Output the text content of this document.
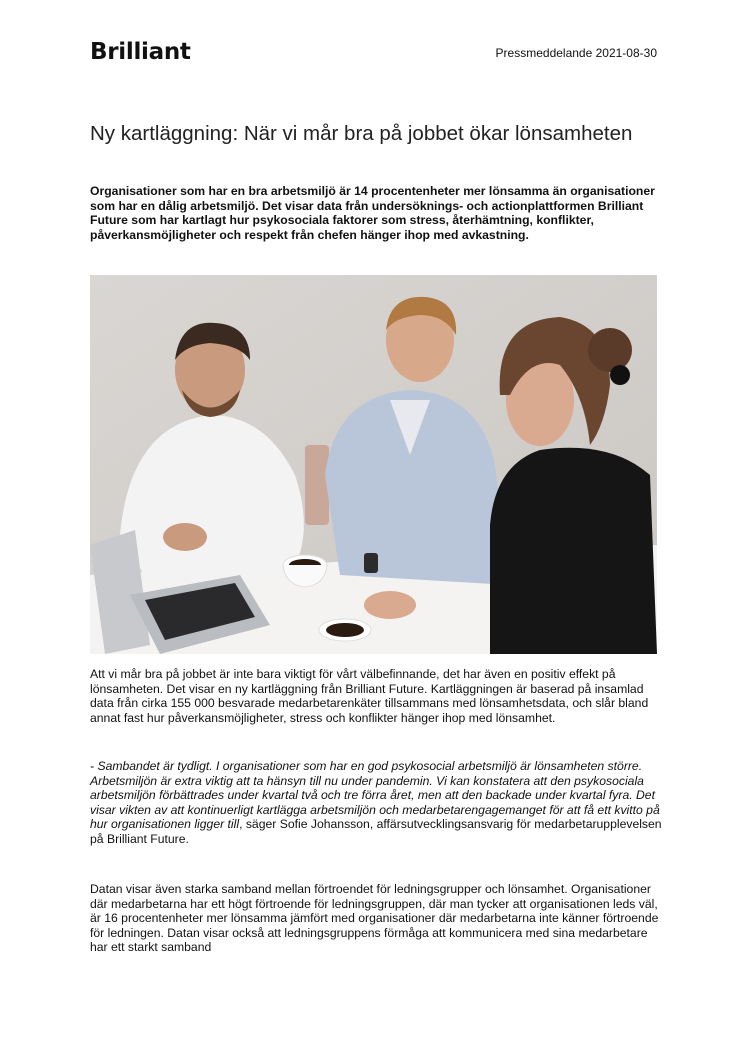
Brilliant	Pressmeddelande 2021-08-30
Ny kartläggning: När vi mår bra på jobbet ökar lönsamheten

Organisationer som har en bra arbetsmiljö är 14 procentenheter mer lönsamma än organisationer som har en dålig arbetsmiljö. Det visar data från undersöknings- och actionplattformen Brilliant Future som har kartlagt hur psykosociala faktorer som stress, återhämtning, konflikter, påverkansmöjligheter och respekt från chefen hänger ihop med avkastning.

Att vi mår bra på jobbet är inte bara viktigt för vårt välbefinnande, det har även en positiv effekt på lönsamheten. Det visar en ny kartläggning från Brilliant Future. Kartläggningen är baserad på insamlad data från cirka 155 000 besvarade medarbetarenkäter tillsammans med lönsamhetsdata, och slår bland annat fast hur påverkansmöjligheter, stress och konflikter hänger ihop med lönsamhet.

- Sambandet är tydligt. I organisationer som har en god psykosocial arbetsmiljö är lönsamheten större. Arbetsmiljön är extra viktig att ta hänsyn till nu under pandemin. Vi kan konstatera att den psykosociala arbetsmiljön förbättrades under kvartal två och tre förra året, men att den backade under kvartal fyra. Det visar vikten av att kontinuerligt kartlägga arbetsmiljön och medarbetarengagemanget för att få ett kvitto på hur organisationen ligger till, säger Sofie Johansson, affärsutvecklingsansvarig för medarbetarupplevelsen på Brilliant Future.

Datan visar även starka samband mellan förtroendet för ledningsgrupper och lönsamhet. Organisationer där medarbetarna har ett högt förtroende för ledningsgruppen, där man tycker att organisationen leds väl, är 16 procentenheter mer lönsamma jämfört med organisationer där medarbetarna inte känner förtroende för ledningen. Datan visar också att ledningsgruppens förmåga att kommunicera med sina medarbetare har ett starkt samband
